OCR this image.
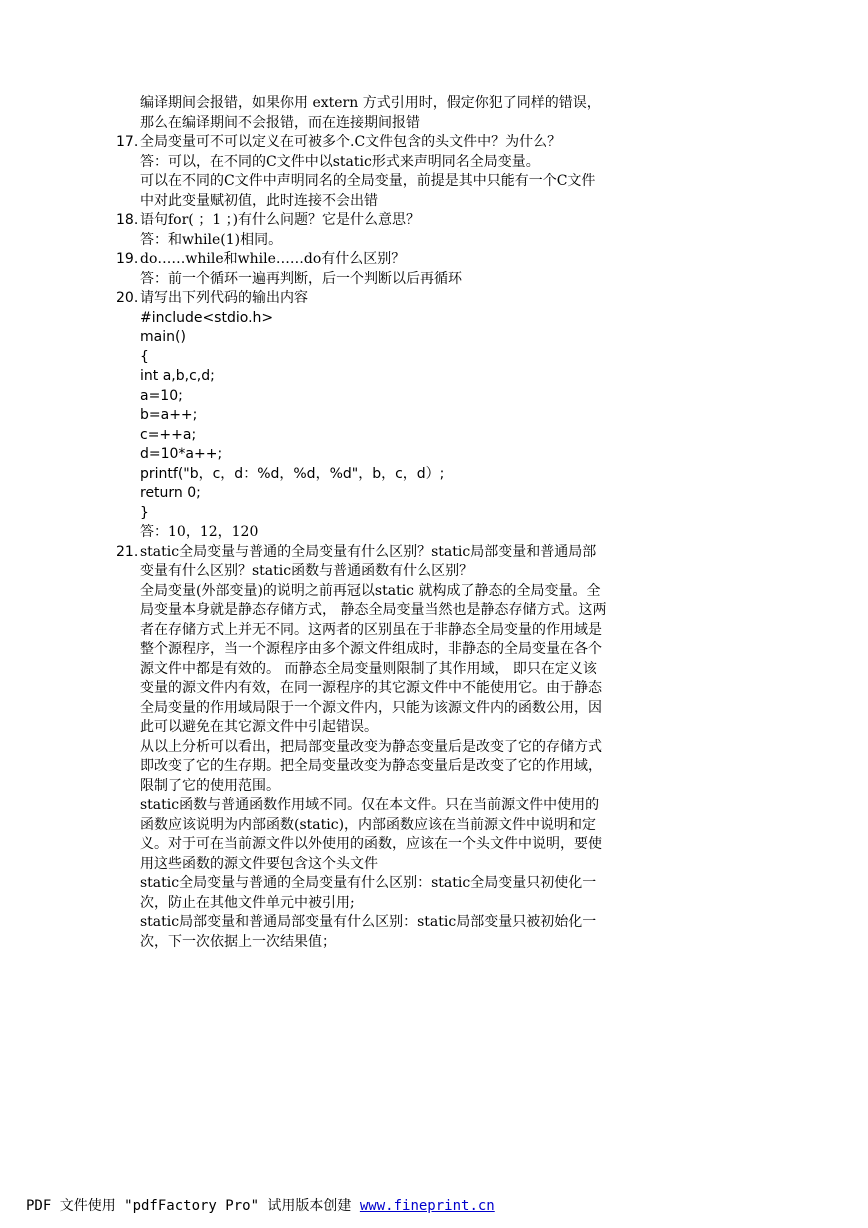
编译期间会报错，如果你用 extern 方式引用时，假定你犯了同样的错误，
那么在编译期间不会报错，而在连接期间报错
17. 全局变量可不可以定义在可被多个.C文件包含的头文件中？为什么？
答：可以，在不同的C文件中以static形式来声明同名全局变量。
可以在不同的C文件中声明同名的全局变量，前提是其中只能有一个C文件
中对此变量赋初值，此时连接不会出错
18. 语句for( ；1 ；)有什么问题？它是什么意思？
答：和while(1)相同。
19. do……while和while……do有什么区别？
答：前一个循环一遍再判断，后一个判断以后再循环
20. 请写出下列代码的输出内容
#include<stdio.h>
main()
{
int a,b,c,d;
a=10;
b=a++;
c=++a;
d=10*a++;
printf("b，c，d：%d，%d，%d"，b，c，d）;
return 0;
}
答：10，12，120
21. static全局变量与普通的全局变量有什么区别？static局部变量和普通局部
变量有什么区别？static函数与普通函数有什么区别？
全局变量(外部变量)的说明之前再冠以static 就构成了静态的全局变量。全
局变量本身就是静态存储方式， 静态全局变量当然也是静态存储方式。这两
者在存储方式上并无不同。这两者的区别虽在于非静态全局变量的作用域是
整个源程序，当一个源程序由多个源文件组成时，非静态的全局变量在各个
源文件中都是有效的。 而静态全局变量则限制了其作用域， 即只在定义该
变量的源文件内有效，在同一源程序的其它源文件中不能使用它。由于静态
全局变量的作用域局限于一个源文件内，只能为该源文件内的函数公用，因
此可以避免在其它源文件中引起错误。
从以上分析可以看出，把局部变量改变为静态变量后是改变了它的存储方式
即改变了它的生存期。把全局变量改变为静态变量后是改变了它的作用域，
限制了它的使用范围。
static函数与普通函数作用域不同。仅在本文件。只在当前源文件中使用的
函数应该说明为内部函数(static)，内部函数应该在当前源文件中说明和定
义。对于可在当前源文件以外使用的函数，应该在一个头文件中说明，要使
用这些函数的源文件要包含这个头文件
static全局变量与普通的全局变量有什么区别：static全局变量只初使化一
次，防止在其他文件单元中被引用;
static局部变量和普通局部变量有什么区别：static局部变量只被初始化一
次，下一次依据上一次结果值；
PDF 文件使用 "pdfFactory Pro" 试用版本创建 www.fineprint.cn
